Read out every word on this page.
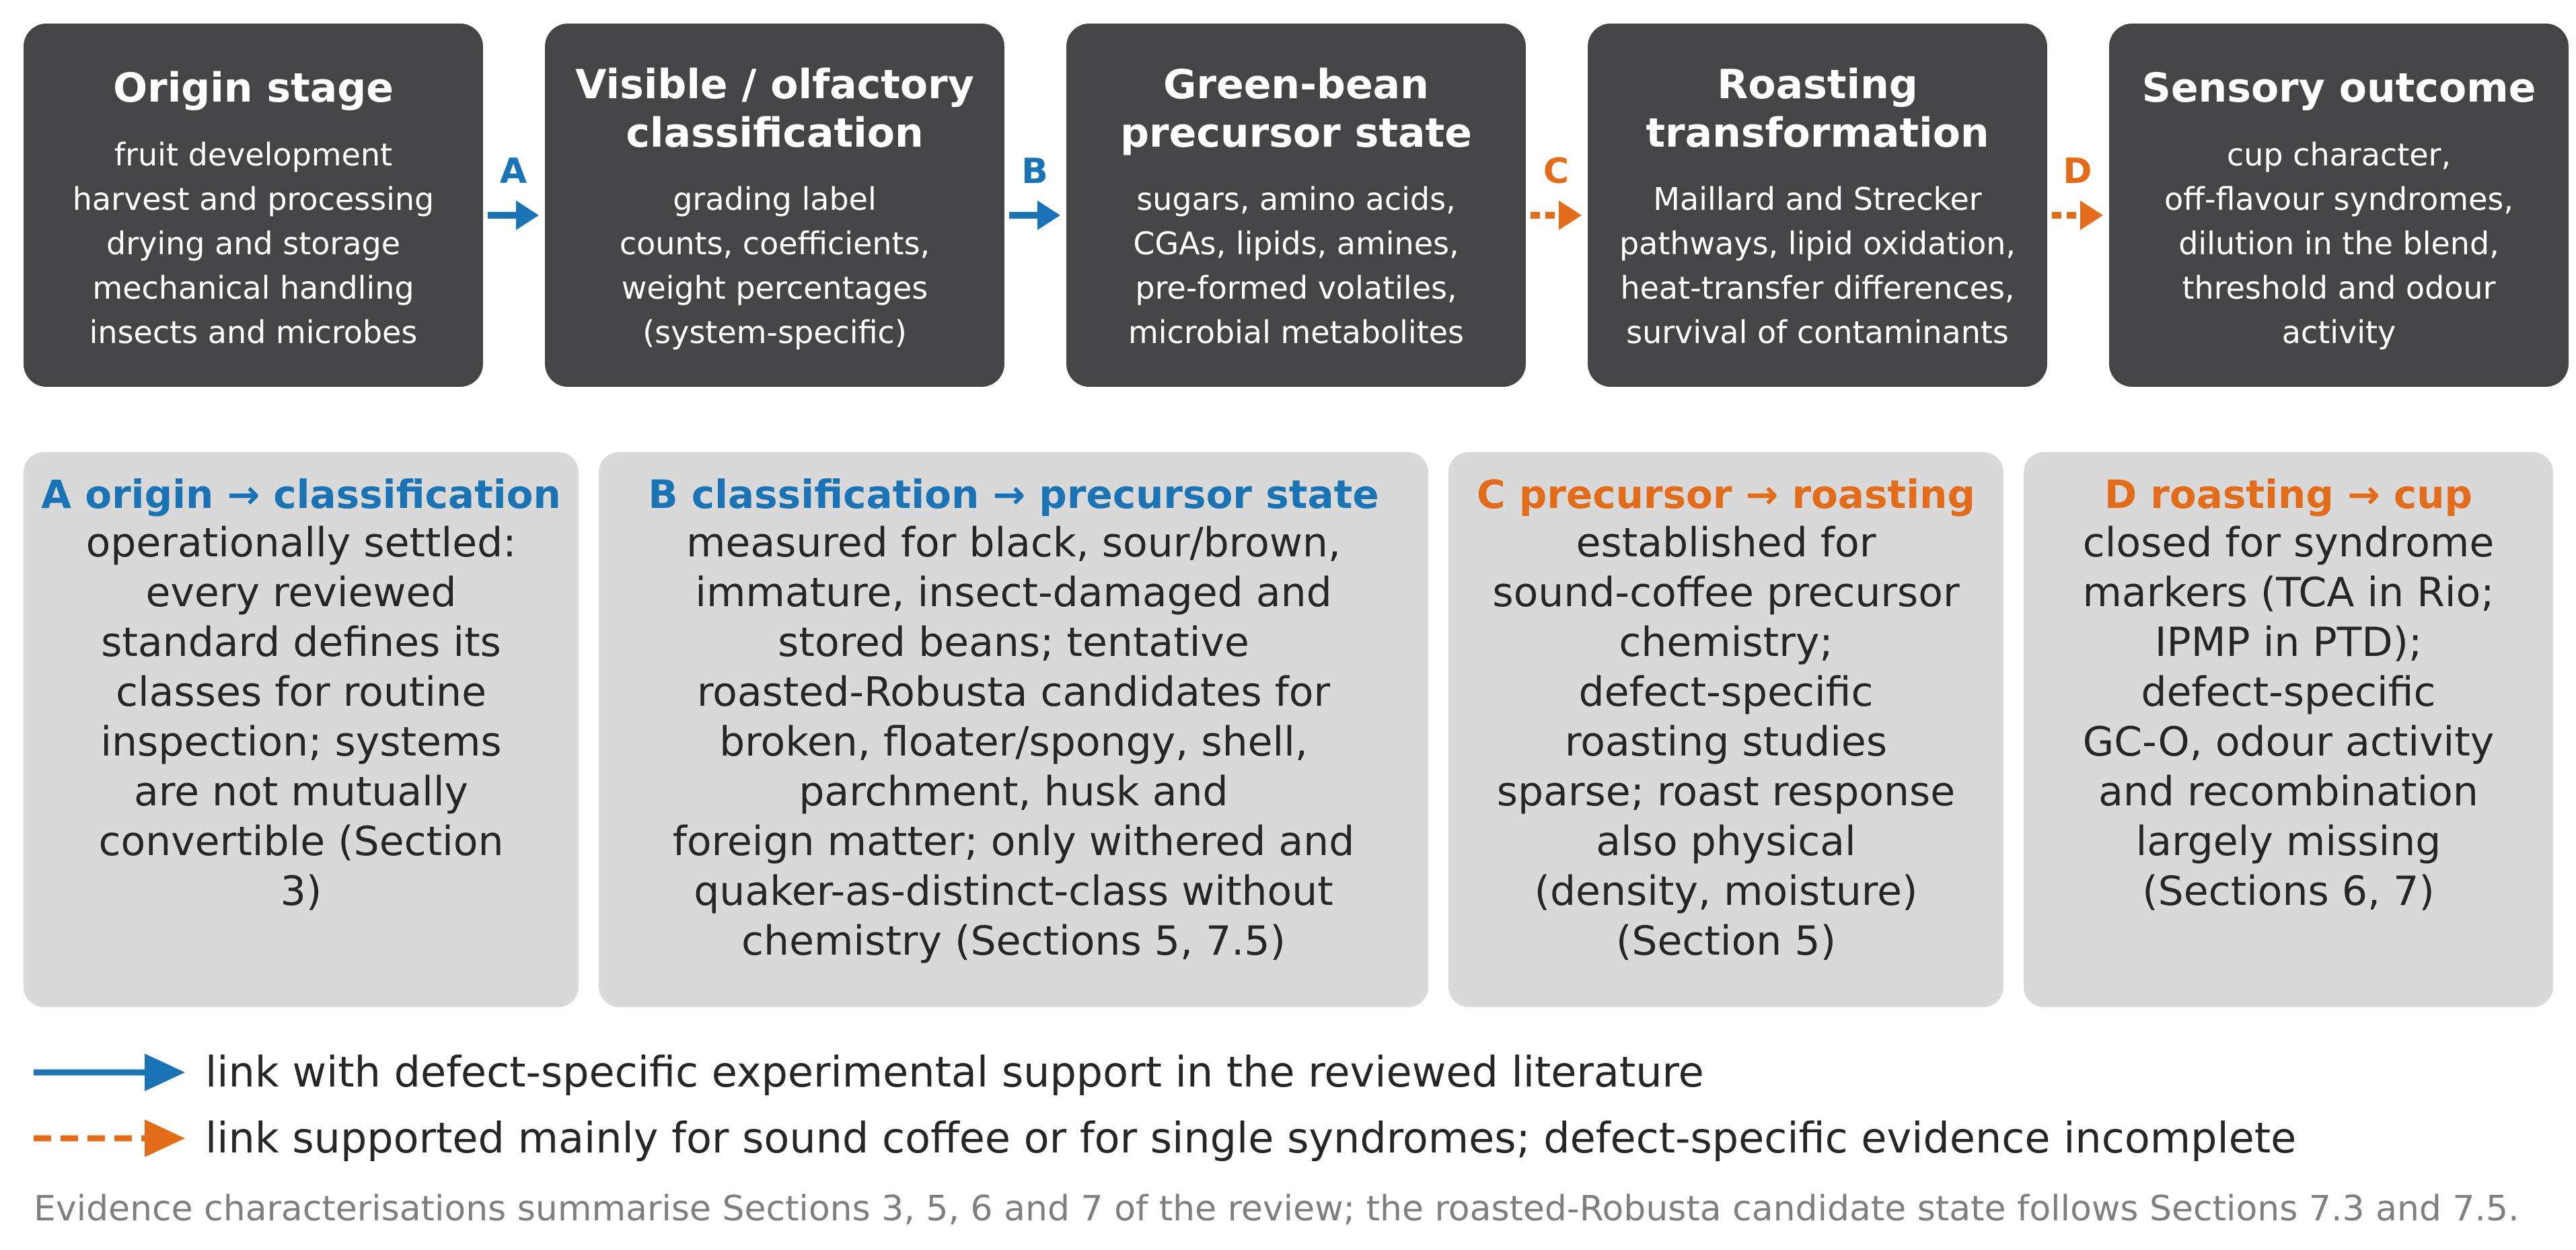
Origin stage
fruit development
harvest and processing
drying and storage
mechanical handling
insects and microbes
Visible / olfactory
classification
grading label
counts, coefficients,
weight percentages
(system-specific)
Green-bean
precursor state
sugars, amino acids,
CGAs, lipids, amines,
pre-formed volatiles,
microbial metabolites
Roasting
transformation
Maillard and Strecker
pathways, lipid oxidation,
heat-transfer differences,
survival of contaminants
Sensory outcome
cup character,
off-flavour syndromes,
dilution in the blend,
threshold and odour
activity
A	B	C	D
A origin → classification
operationally settled:
every reviewed
standard defines its
classes for routine
inspection; systems
are not mutually
convertible (Section
3)
B classification → precursor state
measured for black, sour/brown,
immature, insect-damaged and
stored beans; tentative
roasted-Robusta candidates for
broken, floater/spongy, shell,
parchment, husk and
foreign matter; only withered and
quaker-as-distinct-class without
chemistry (Sections 5, 7.5)
C precursor → roasting
established for
sound-coffee precursor
chemistry;
defect-specific
roasting studies
sparse; roast response
also physical
(density, moisture)
(Section 5)
D roasting → cup
closed for syndrome
markers (TCA in Rio;
IPMP in PTD);
defect-specific
GC-O, odour activity
and recombination
largely missing
(Sections 6, 7)
link with defect-specific experimental support in the reviewed literature
link supported mainly for sound coffee or for single syndromes; defect-specific evidence incomplete
Evidence characterisations summarise Sections 3, 5, 6 and 7 of the review; the roasted-Robusta candidate state follows Sections 7.3 and 7.5.
